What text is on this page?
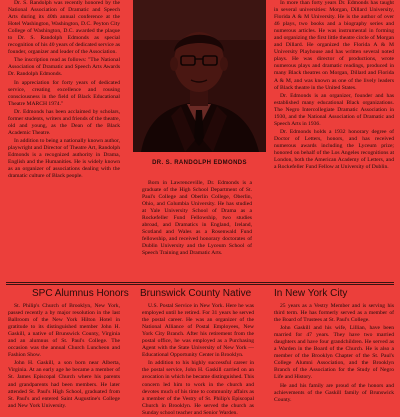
Dr. S. Randolph was recently honored by the National Association of Dramatic and Speech Arts during its 40th annual conference at the Hotel Washington, Washington, D.C. Peyton City College of Washington, D.C. awarded the plaque to Dr. S. Randolph Edmonds as special recognition of his 40 years of dedicated service as founder, organizer and leader of the Association.

The inscription read as follows: "The National Association of Dramatic and Speech Arts Awards Dr. Randolph Edmonds.

In appreciation for forty years of dedicated service, creating excellence and rousing consciousness in the field of Black Educational Theatre MARCH 1974."

Dr. Edmonds has been acclaimed by scholars, former students, writers and friends of the theatre, old and young, as the Dean of the Black Academic Theatre.

In addition to being a nationally known author, playwright and Director of Theatre Art, Randolph Edmonds is a recognized authority in Drama, English and the Humanities. He is widely known as an organizer of associations dealing with the dramatic culture of Black people.

DR. S. RANDOLPH EDMONDS

Born in Lawrenceville, Dr. Edmonds is a graduate of the High School Department of St. Paul's College and Oberlin College, Oberlin, Ohio, and Columbia University. He has studied at Yale University School of Drama as a Rockefeller Fund Fellowship, two studies abroad, and Dramatics in England, Ireland, Scotland and Wales as a Rosenwald Fund fellowship, and received honorary doctorates of Dublin University and the Lyceum School of Speech Training and Dramatic Arts.

In more than forty years Dr. Edmonds has taught in several universities: Morgan, Dillard University, Florida A & M University. He is the author of over 46 plays, two books and a biography series and numerous articles. He was instrumental in forming and organizing the first little theatre circle of Morgan and Dillard. He organized the Florida A & M University Playhouse and has written several noted plays. He was director of productions, wrote numerous plays and dramatic readings, produced in many Black theatres on Morgan, Dillard and Florida A & M, and was known as one of the lively leaders of Black theatre in the United States.

Dr. Edmonds is an organizer, founder and has established many educational Black organizations. The Negro Intercollegiate Dramatic Association in 1930, and the National Association of Dramatic and Speech Arts in 1936.

Dr. Edmonds holds a 1932 honorary degree of Doctor of Letters, honors, and has received numerous awards including the Lyceum prize; honored on behalf of the Los Angeles recognitions at London, both the American Academy of Letters, and a Rockefeller Fund Fellow at University of Dublin.

SPC Alumnus Honors Brunswick County Native In New York City

St. Philip's Church of Brooklyn, New York, passed recently a by major resolution in the last Ballroom of the New York Hilton Hotel in gratitude to its distinguished member John H. Gaskill, a native of Brunswick County, Virginia and an alumnus of St. Paul's College. The occasion was the annual Church Luncheon and Fashion Show.

John H. Gaskill, a son born near Alberta, Virginia. At an early age he became a member of St. James Episcopal Church where his parents and grandparents had been members. He later attended St. Paul's High School, graduated from St. Paul's and entered Saint Augustine's College and New York University.

U.S. Postal Service in New York. Here he was employed until he retired. For 31 years he served the postal career. He was an organizer of the National Alliance of Postal Employees, New York City Branch. After his retirement from the postal office, he was employed as a Purchasing Agent with the State University of New York — Educational Opportunity Center in Brooklyn.

In addition to his highly successful career in the postal service, John H. Gaskill carried on an avocation in which he became distinguished. This concern led him to work in the church and devotes much of his time to community affairs as a member of the Vestry of St. Philip's Episcopal Church in Brooklyn. He served the church as Sunday school teacher and Senior Warden.

25 years as a Vestry Member and is serving his third term. He has formerly served as a member of the Board of Trustees at St. Paul's College.

John Gaskill and his wife, Lillian, have been married for 47 years. They have two married daughters and have four grandchildren. He served as a Warden in the Board of the Church. He is also a member of the Brooklyn Chapter of the St. Paul's College Alumni Association, and the Brooklyn Branch of the Association for the Study of Negro Life and History.

He and his family are proud of the honors and achievements of the Gaskill family of Brunswick County.
